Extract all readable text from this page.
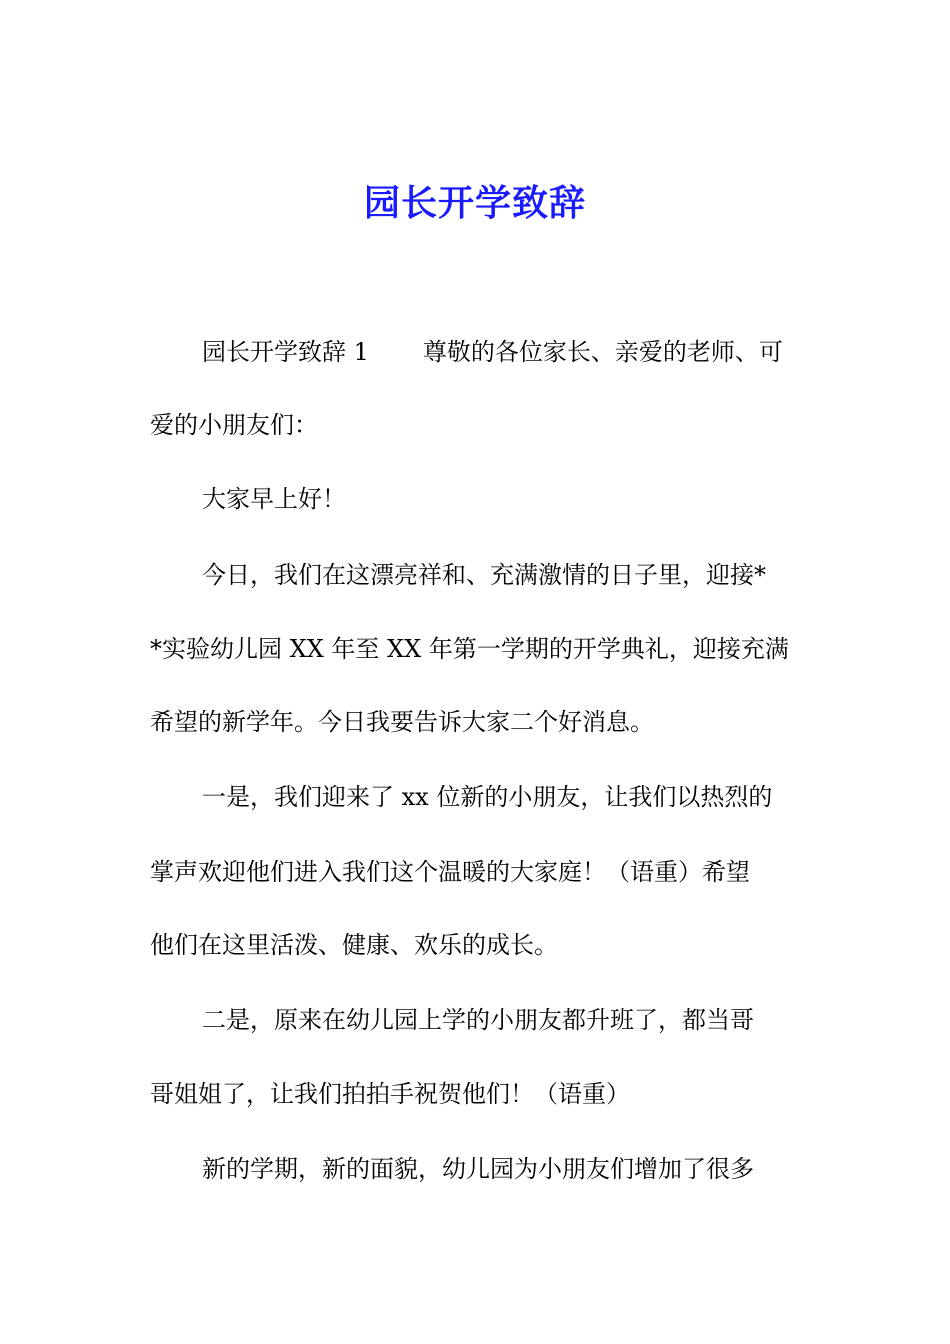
园长开学致辞
园长开学致辞 1 尊敬的各位家长、亲爱的老师、可
爱的小朋友们：
大家早上好！
今日，我们在这漂亮祥和、充满激情的日子里，迎接*
*实验幼儿园 XX 年至 XX 年第一学期的开学典礼，迎接充满
希望的新学年。今日我要告诉大家二个好消息。
一是，我们迎来了 xx 位新的小朋友，让我们以热烈的
掌声欢迎他们进入我们这个温暖的大家庭！（语重）希望
他们在这里活泼、健康、欢乐的成长。
二是，原来在幼儿园上学的小朋友都升班了，都当哥
哥姐姐了，让我们拍拍手祝贺他们！（语重）
新的学期，新的面貌，幼儿园为小朋友们增加了很多
